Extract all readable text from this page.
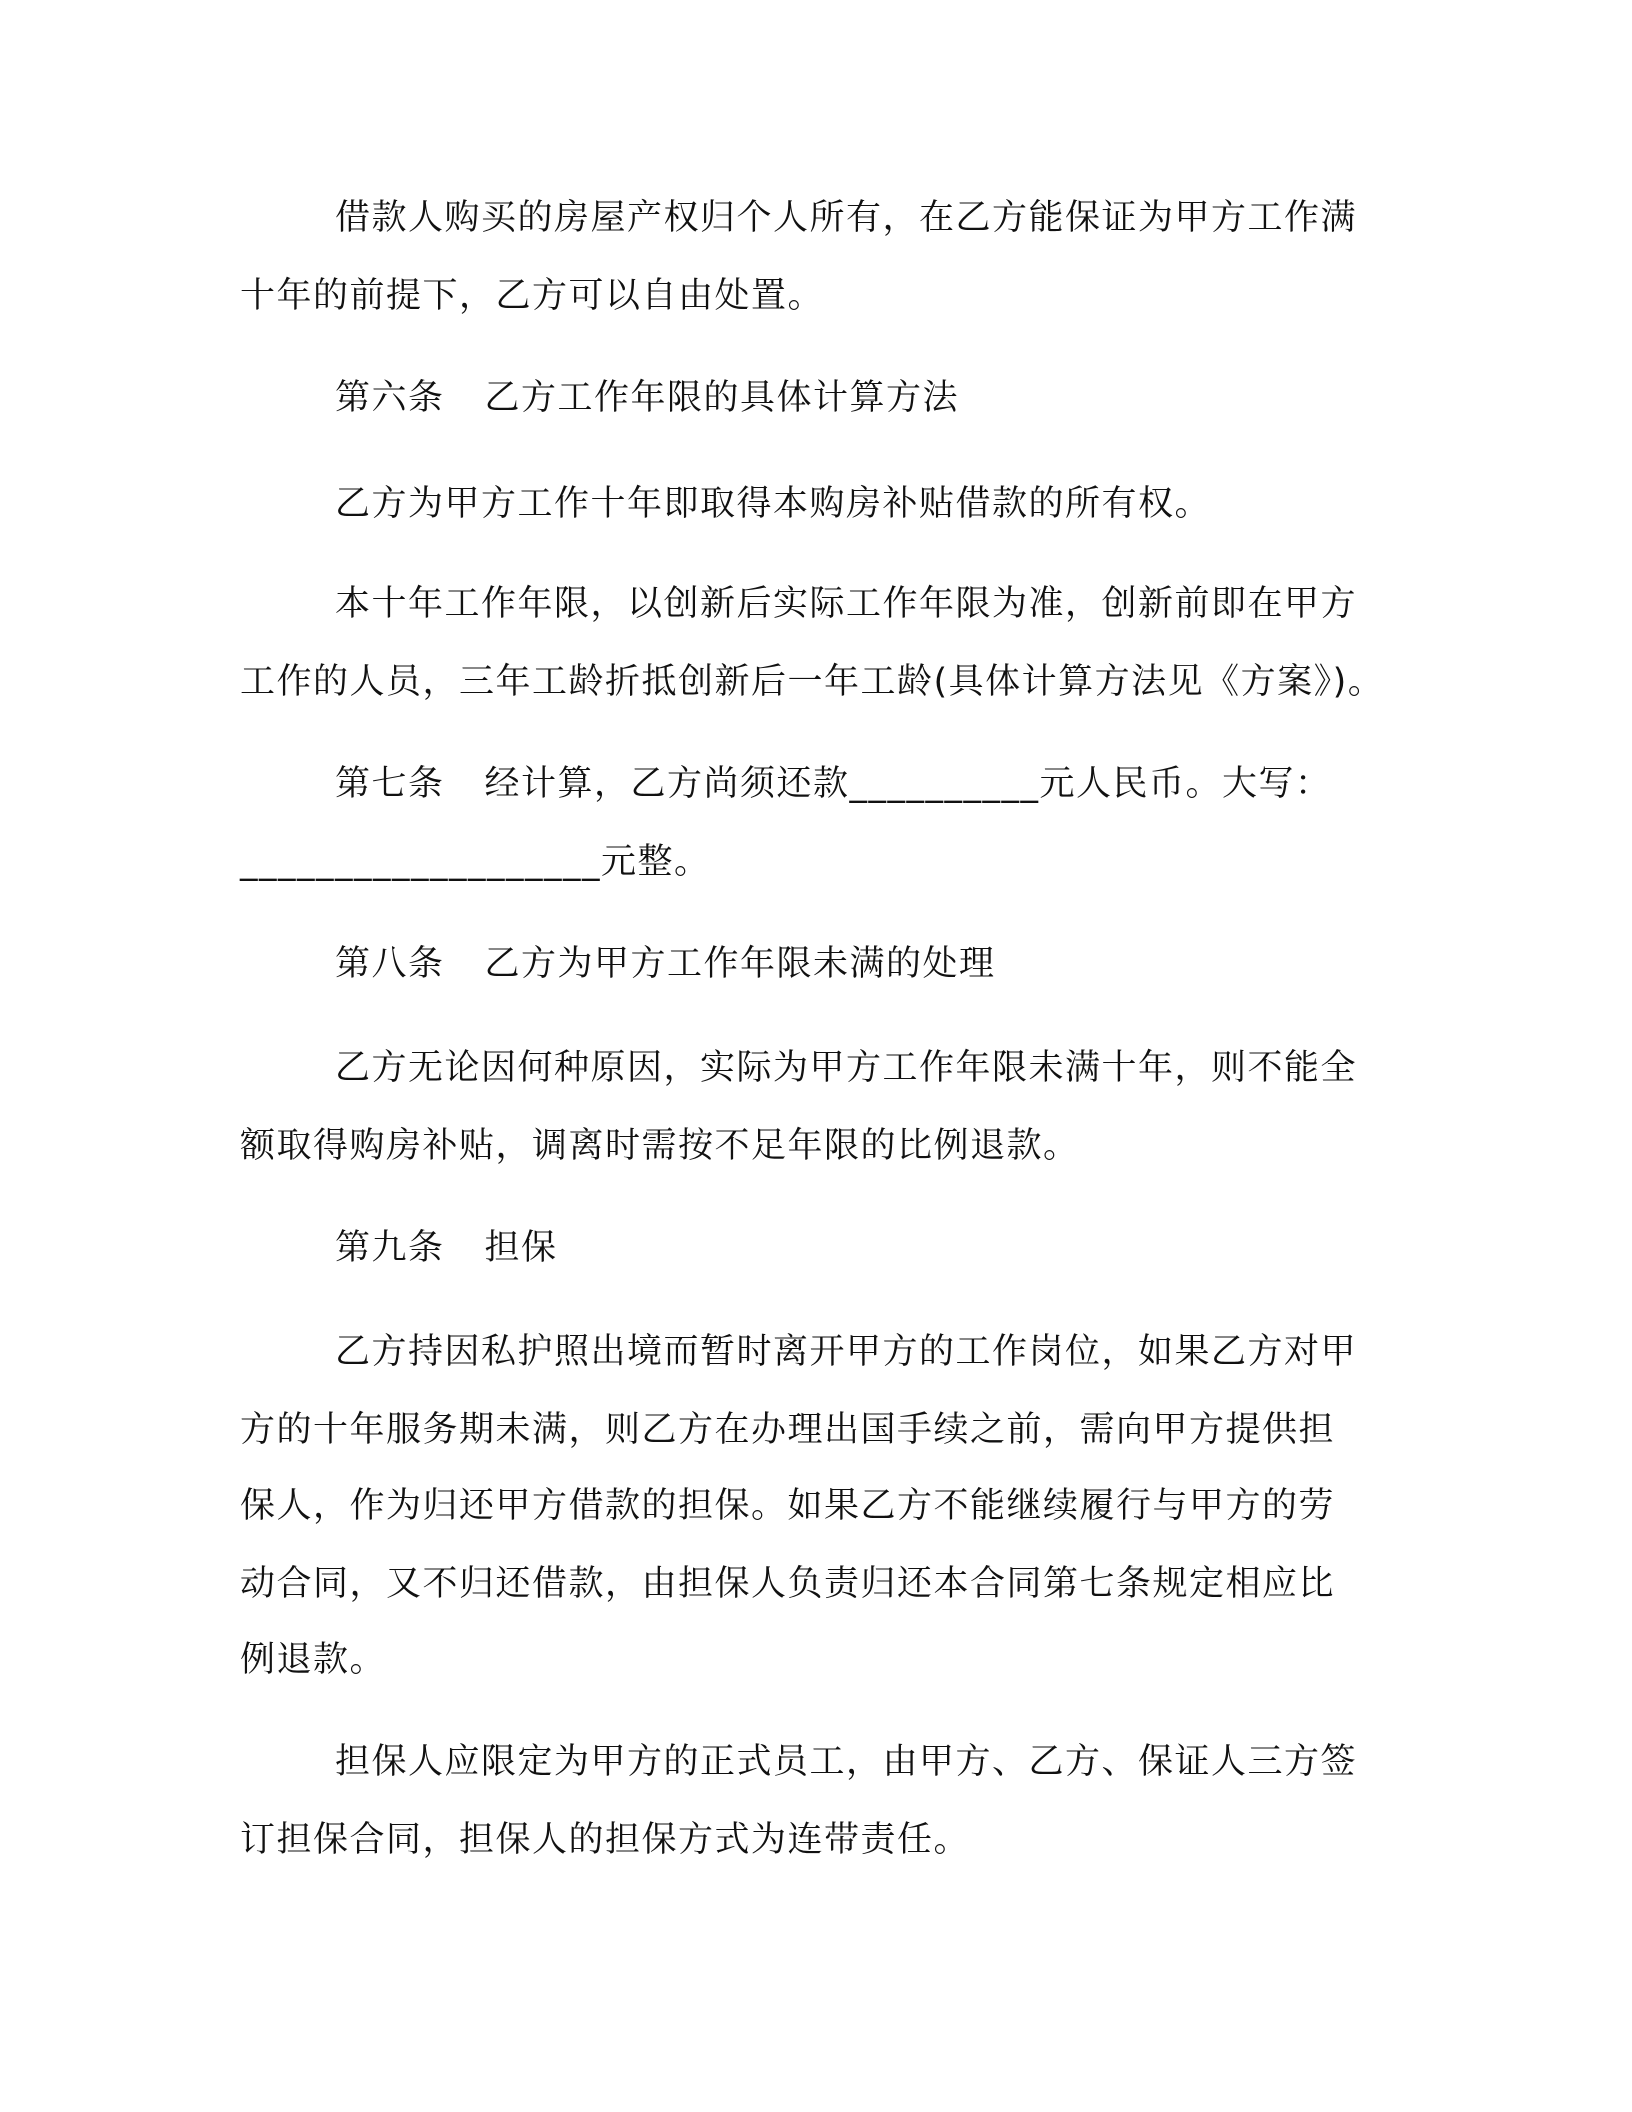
借款人购买的房屋产权归个人所有，在乙方能保证为甲方工作满
十年的前提下，乙方可以自由处置。
第六条 乙方工作年限的具体计算方法
乙方为甲方工作十年即取得本购房补贴借款的所有权。
本十年工作年限，以创新后实际工作年限为准，创新前即在甲方
工作的人员，三年工龄折抵创新后一年工龄(具体计算方法见《方案》)。
第七条 经计算，乙方尚须还款__________元人民币。大写：
___________________元整。
第八条 乙方为甲方工作年限未满的处理
乙方无论因何种原因，实际为甲方工作年限未满十年，则不能全
额取得购房补贴，调离时需按不足年限的比例退款。
第九条 担保
乙方持因私护照出境而暂时离开甲方的工作岗位，如果乙方对甲
方的十年服务期未满，则乙方在办理出国手续之前，需向甲方提供担
保人，作为归还甲方借款的担保。如果乙方不能继续履行与甲方的劳
动合同，又不归还借款，由担保人负责归还本合同第七条规定相应比
例退款。
担保人应限定为甲方的正式员工，由甲方、乙方、保证人三方签
订担保合同，担保人的担保方式为连带责任。
